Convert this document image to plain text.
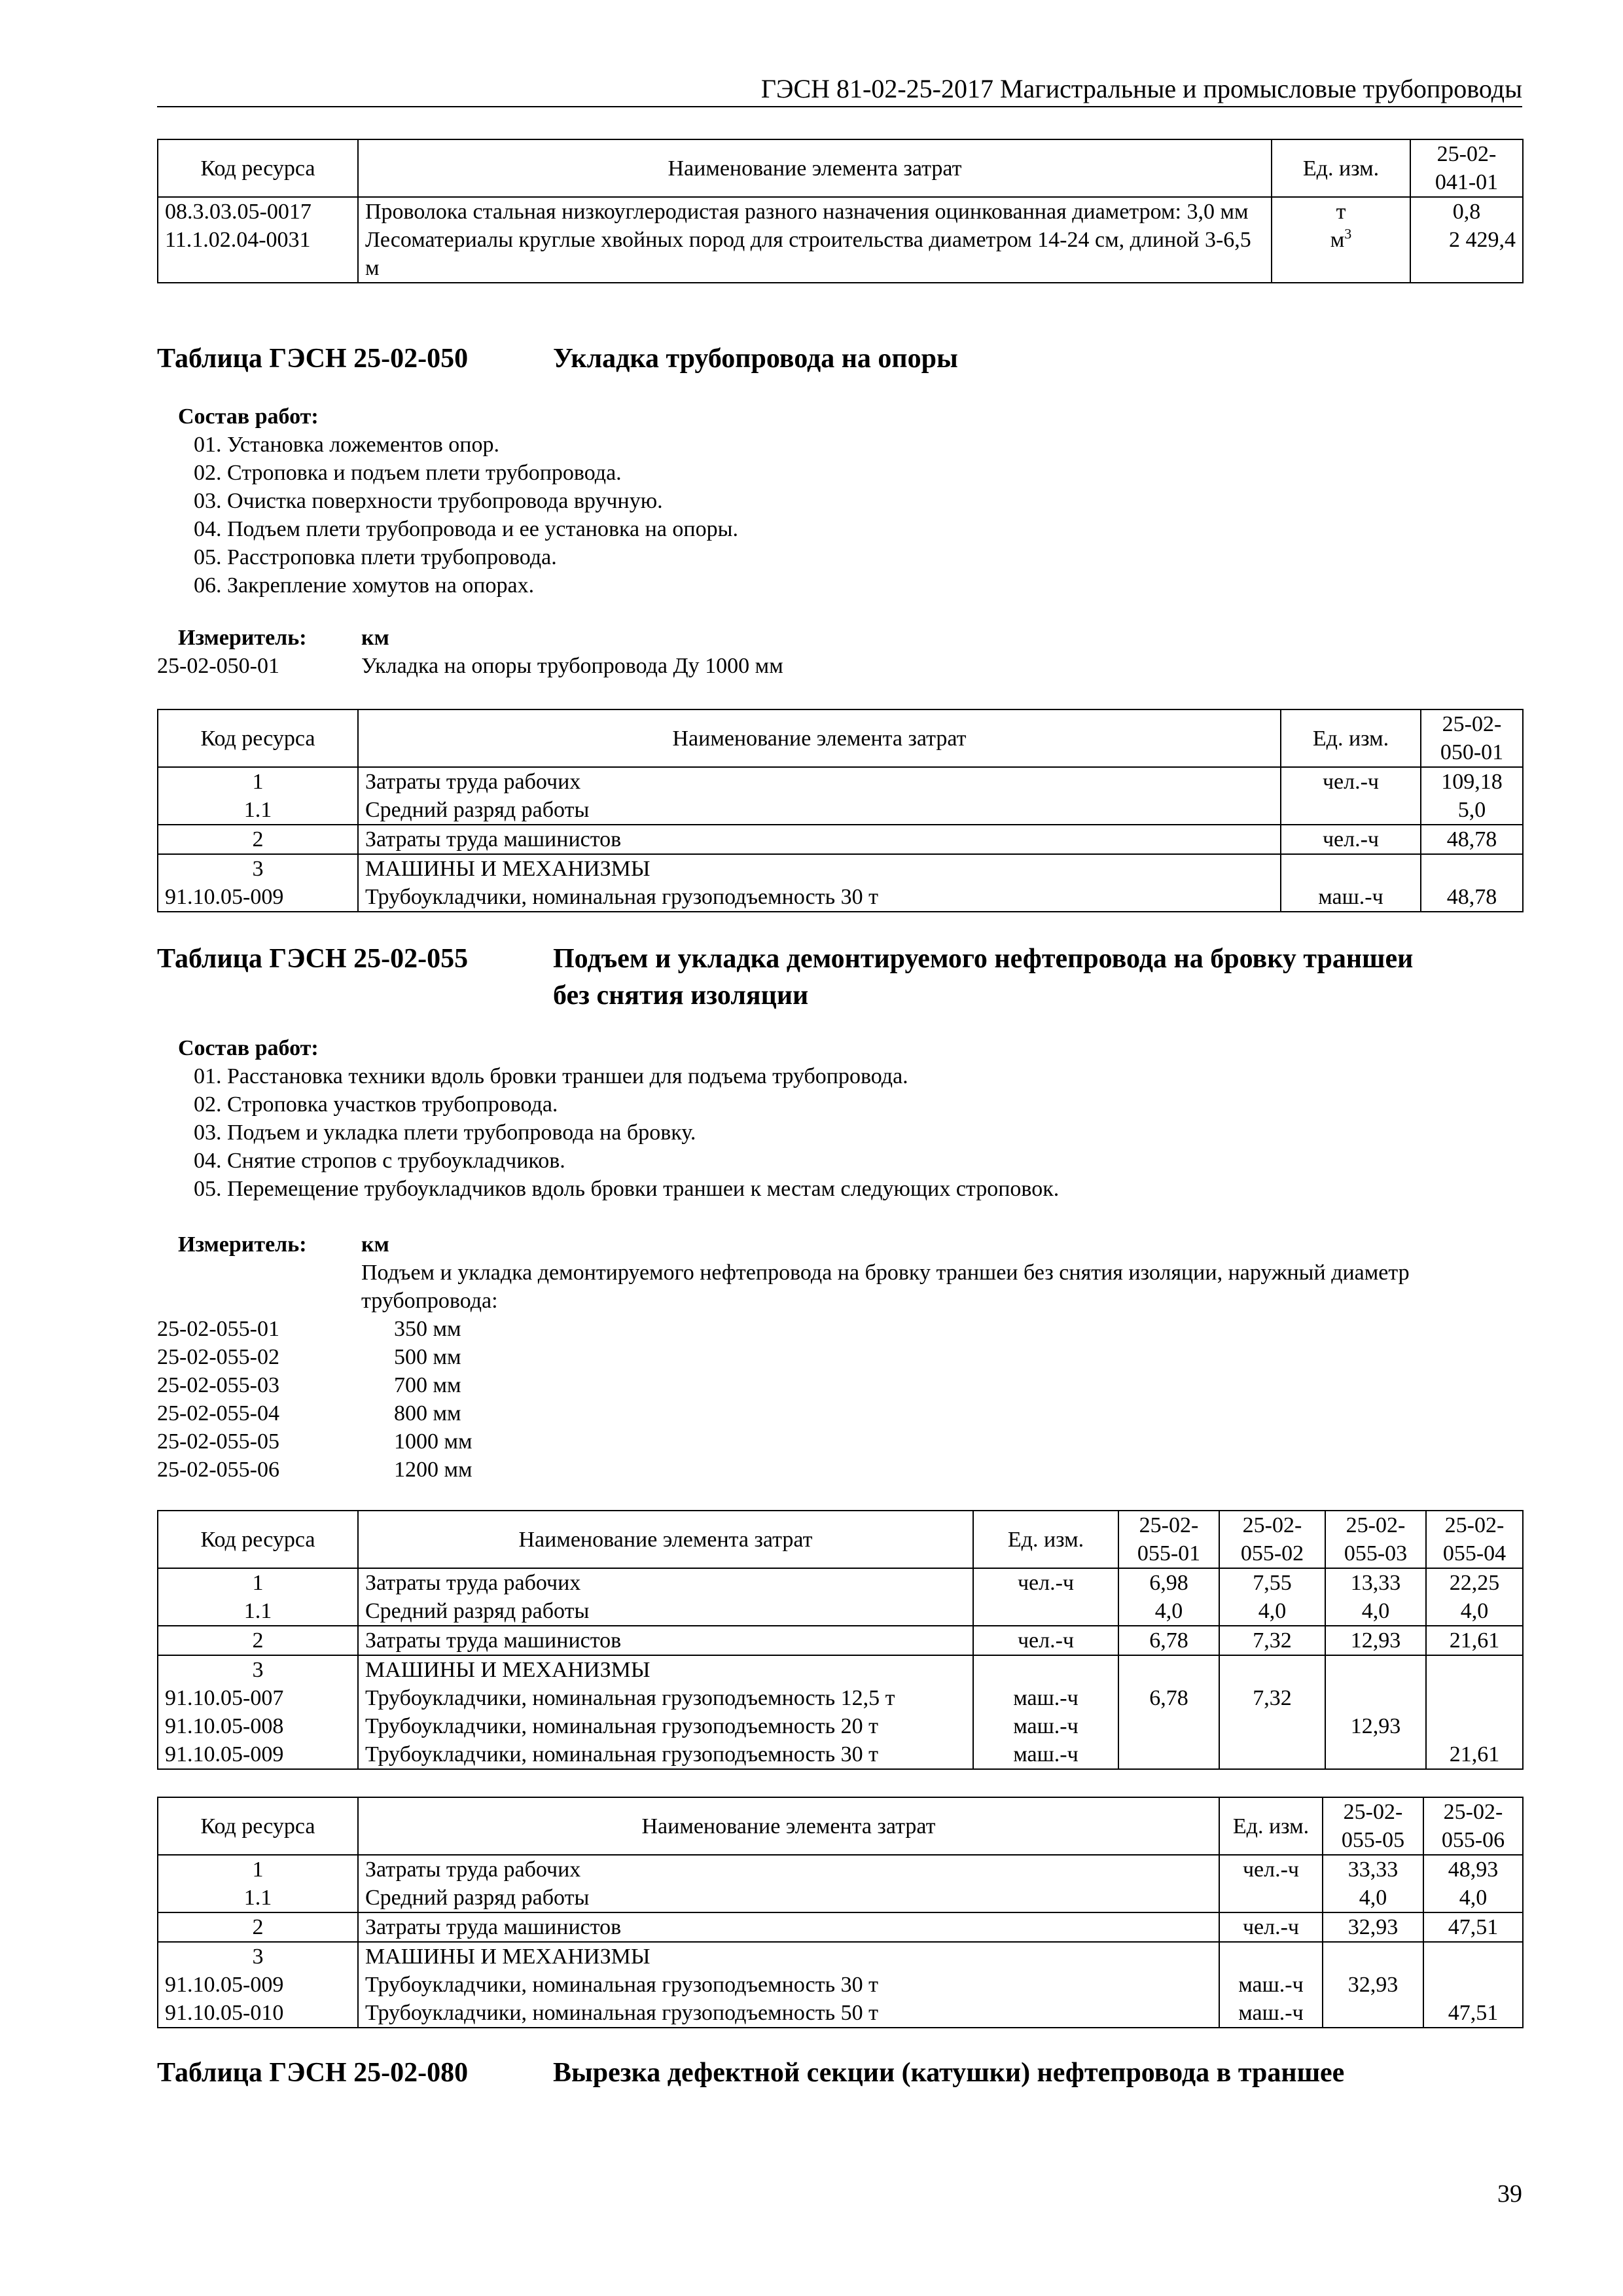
ГЭСН 81-02-25-2017 Магистральные и промысловые трубопроводы
Код ресурса	Наименование элемента затрат	Ед. изм.	25-02-041-01
08.3.03.05-0017	Проволока стальная низкоуглеродистая разного назначения оцинкованная диаметром: 3,0 мм	т	0,8
11.1.02.04-0031	Лесоматериалы круглые хвойных пород для строительства диаметром 14-24 см, длиной 3-6,5 м	$м^3$	2 429,4
Таблица ГЭСН 25-02-050	Укладка трубопровода на опоры
Состав работ:
01. Установка ложементов опор.
02. Строповка и подъем плети трубопровода.
03. Очистка поверхности трубопровода вручную.
04. Подъем плети трубопровода и ее установка на опоры.
05. Расстроповка плети трубопровода.
06. Закрепление хомутов на опорах.
Измеритель: км
25-02-050-01	Укладка на опоры трубопровода Ду 1000 мм
Код ресурса	Наименование элемента затрат	Ед. изм.	25-02-050-01
1	Затраты труда рабочих	чел.-ч	109,18
1.1	Средний разряд работы		5,0
2	Затраты труда машинистов	чел.-ч	48,78
3	МАШИНЫ И МЕХАНИЗМЫ		
91.10.05-009	Трубоукладчики, номинальная грузоподъемность 30 т	маш.-ч	48,78
Таблица ГЭСН 25-02-055	Подъем и укладка демонтируемого нефтепровода на бровку траншеи
без снятия изоляции
Состав работ:
01. Расстановка техники вдоль бровки траншеи для подъема трубопровода.
02. Строповка участков трубопровода.
03. Подъем и укладка плети трубопровода на бровку.
04. Снятие стропов с трубоукладчиков.
05. Перемещение трубоукладчиков вдоль бровки траншеи к местам следующих строповок.
Измеритель: км
Подъем и укладка демонтируемого нефтепровода на бровку траншеи без снятия изоляции, наружный диаметр трубопровода:
25-02-055-01	350 мм
25-02-055-02	500 мм
25-02-055-03	700 мм
25-02-055-04	800 мм
25-02-055-05	1000 мм
25-02-055-06	1200 мм
Код ресурса	Наименование элемента затрат	Ед. изм.	25-02-055-01	25-02-055-02	25-02-055-03	25-02-055-04
1	Затраты труда рабочих	чел.-ч	6,98	7,55	13,33	22,25
1.1	Средний разряд работы		4,0	4,0	4,0	4,0
2	Затраты труда машинистов	чел.-ч	6,78	7,32	12,93	21,61
3	МАШИНЫ И МЕХАНИЗМЫ					
91.10.05-007	Трубоукладчики, номинальная грузоподъемность 12,5 т	маш.-ч	6,78	7,32		
91.10.05-008	Трубоукладчики, номинальная грузоподъемность 20 т	маш.-ч			12,93	
91.10.05-009	Трубоукладчики, номинальная грузоподъемность 30 т	маш.-ч				21,61
Код ресурса	Наименование элемента затрат	Ед. изм.	25-02-055-05	25-02-055-06
1	Затраты труда рабочих	чел.-ч	33,33	48,93
1.1	Средний разряд работы		4,0	4,0
2	Затраты труда машинистов	чел.-ч	32,93	47,51
3	МАШИНЫ И МЕХАНИЗМЫ			
91.10.05-009	Трубоукладчики, номинальная грузоподъемность 30 т	маш.-ч	32,93	
91.10.05-010	Трубоукладчики, номинальная грузоподъемность 50 т	маш.-ч		47,51
Таблица ГЭСН 25-02-080	Вырезка дефектной секции (катушки) нефтепровода в траншее
39
